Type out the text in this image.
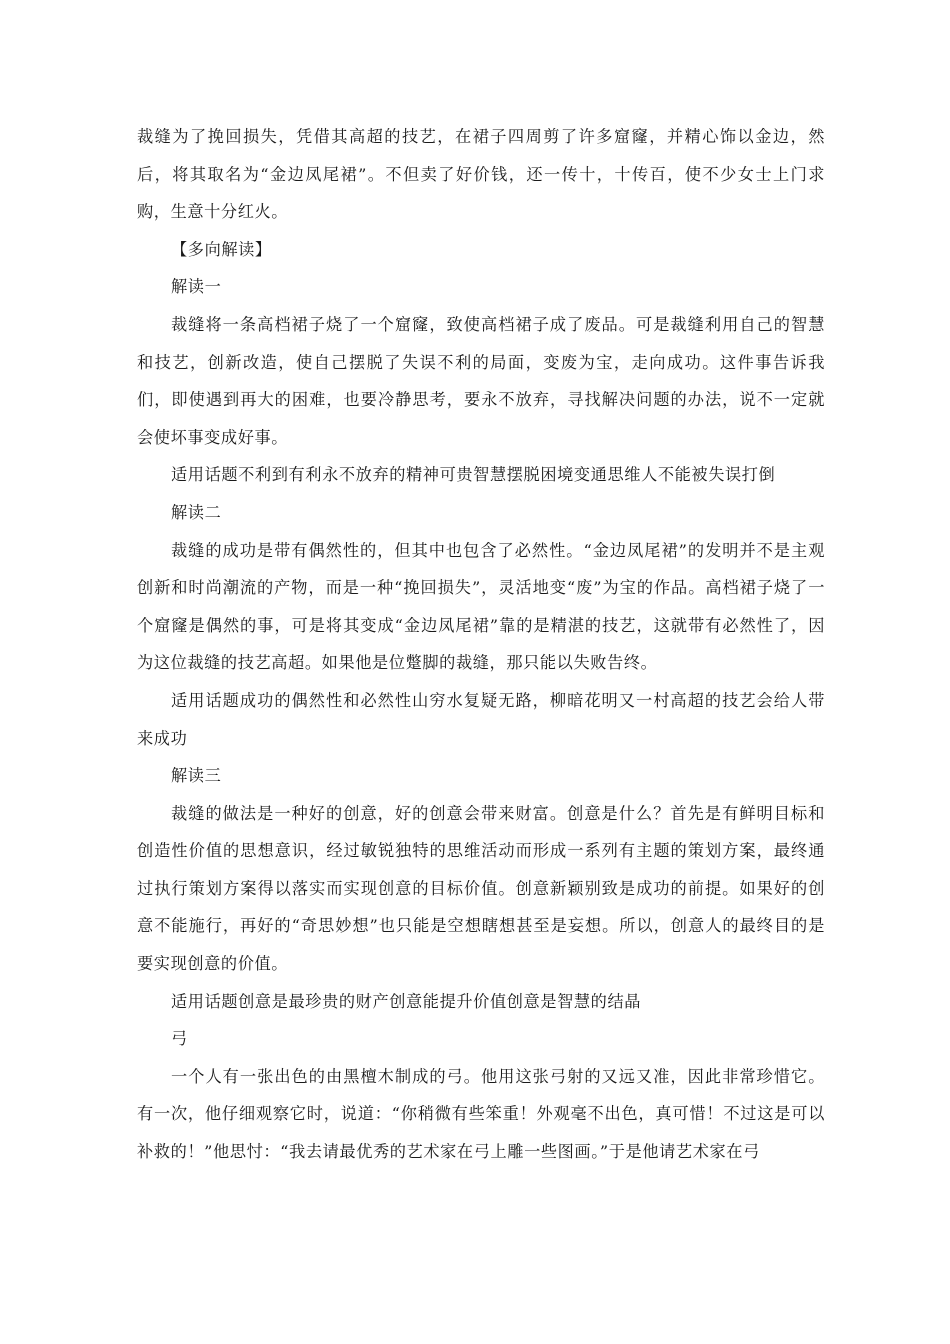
裁缝为了挽回损失，凭借其高超的技艺，在裙子四周剪了许多窟窿，并精心饰以金边，然后，将其取名为“金边凤尾裙”。不但卖了好价钱，还一传十，十传百，使不少女士上门求购，生意十分红火。

【多向解读】

解读一

裁缝将一条高档裙子烧了一个窟窿，致使高档裙子成了废品。可是裁缝利用自己的智慧和技艺，创新改造，使自己摆脱了失误不利的局面，变废为宝，走向成功。这件事告诉我们，即使遇到再大的困难，也要冷静思考，要永不放弃，寻找解决问题的办法，说不一定就会使坏事变成好事。

适用话题不利到有利永不放弃的精神可贵智慧摆脱困境变通思维人不能被失误打倒

解读二

裁缝的成功是带有偶然性的，但其中也包含了必然性。“金边凤尾裙”的发明并不是主观创新和时尚潮流的产物，而是一种“挽回损失”，灵活地变“废”为宝的作品。高档裙子烧了一个窟窿是偶然的事，可是将其变成“金边凤尾裙”靠的是精湛的技艺，这就带有必然性了，因为这位裁缝的技艺高超。如果他是位蹩脚的裁缝，那只能以失败告终。

适用话题成功的偶然性和必然性山穷水复疑无路，柳暗花明又一村高超的技艺会给人带来成功

解读三

裁缝的做法是一种好的创意，好的创意会带来财富。创意是什么？首先是有鲜明目标和创造性价值的思想意识，经过敏锐独特的思维活动而形成一系列有主题的策划方案，最终通过执行策划方案得以落实而实现创意的目标价值。创意新颖别致是成功的前提。如果好的创意不能施行，再好的“奇思妙想”也只能是空想瞎想甚至是妄想。所以，创意人的最终目的是要实现创意的价值。

适用话题创意是最珍贵的财产创意能提升价值创意是智慧的结晶

弓

一个人有一张出色的由黑檀木制成的弓。他用这张弓射的又远又准，因此非常珍惜它。有一次，他仔细观察它时，说道：“你稍微有些笨重！外观毫不出色，真可惜！不过这是可以补救的！”他思忖：“我去请最优秀的艺术家在弓上雕一些图画。”于是他请艺术家在弓
